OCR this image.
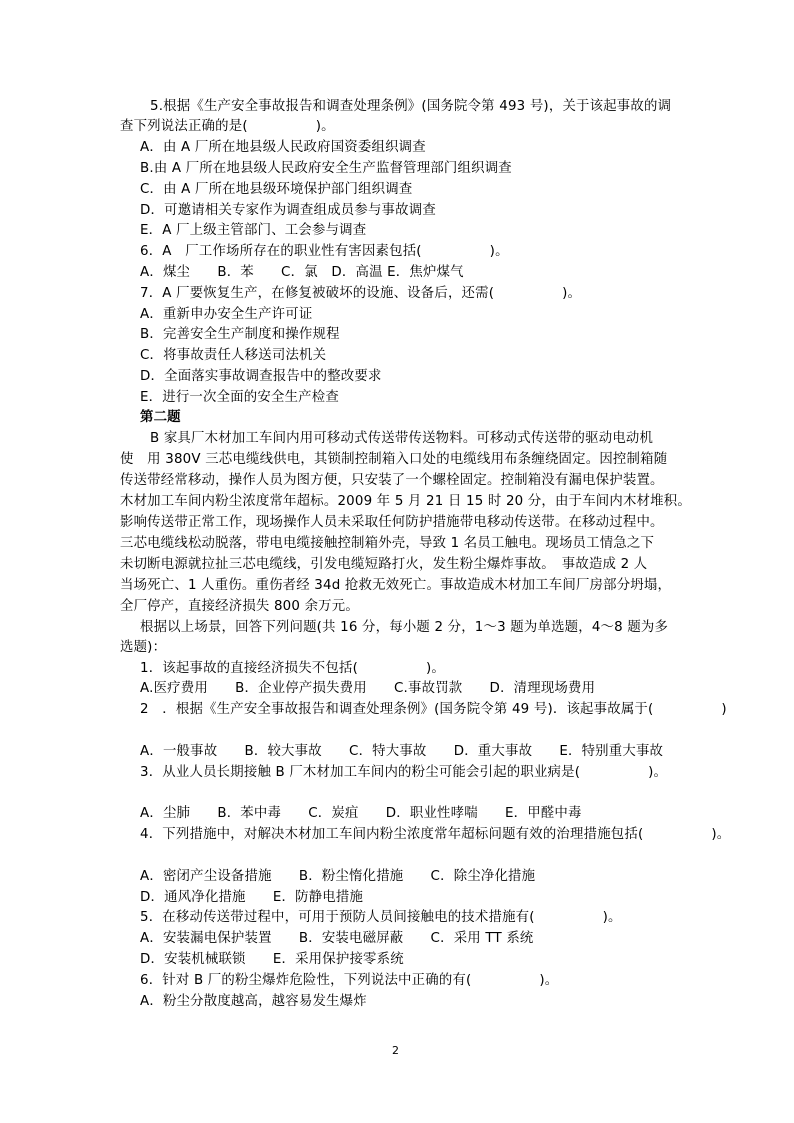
5.根据《生产安全事故报告和调查处理条例》(国务院令第 493 号)，关于该起事故的调
查下列说法正确的是(　　　　　)。
A．由 A 厂所在地县级人民政府国资委组织调查
B.由 A 厂所在地县级人民政府安全生产监督管理部门组织调查
C．由 A 厂所在地县级环境保护部门组织调查
D．可邀请相关专家作为调查组成员参与事故调查
E．A 厂上级主管部门、工会参与调查
6．A　厂工作场所存在的职业性有害因素包括(　　　　　)。
A．煤尘　　B．苯　　C．氯　D．高温 E．焦炉煤气
7．A 厂要恢复生产，在修复被破坏的设施、设备后，还需(　　　　　)。
A．重新申办安全生产许可证
B．完善安全生产制度和操作规程
C．将事故责任人移送司法机关
D．全面落实事故调查报告中的整改要求
E．进行一次全面的安全生产检查
第二题
B 家具厂木材加工车间内用可移动式传送带传送物料。可移动式传送带的驱动电动机
使　用 380V 三芯电缆线供电，其锁制控制箱入口处的电缆线用布条缠绕固定。因控制箱随
传送带经常移动，操作人员为图方便，只安装了一个螺栓固定。控制箱没有漏电保护装置。
木材加工车间内粉尘浓度常年超标。2009 年 5 月 21 日 15 时 20 分，由于车间内木材堆积。
影响传送带正常工作，现场操作人员未采取任何防护措施带电移动传送带。在移动过程中。
三芯电缆线松动脱落，带电电缆接触控制箱外壳，导致 1 名员工触电。现场员工情急之下
未切断电源就拉扯三芯电缆线，引发电缆短路打火，发生粉尘爆炸事故。　事故造成 2 人
当场死亡、1 人重伤。重伤者经 34d 抢救无效死亡。事故造成木材加工车间厂房部分坍塌，
全厂停产，直接经济损失 800 余万元。
根据以上场景，回答下列问题(共 16 分，每小题 2 分，1～3 题为单选题，4～8 题为多
选题)：
1．该起事故的直接经济损失不包括(　　　　　)。
A.医疗费用　　B．企业停产损失费用　　C.事故罚款　　D．清理现场费用
2　．根据《生产安全事故报告和调查处理条例》(国务院令第 49 号)．该起事故属于(　　　　　)
A．一般事故　　B．较大事故　　C．特大事故　　D．重大事故　　E．特别重大事故
3．从业人员长期接触 B 厂木材加工车间内的粉尘可能会引起的职业病是(　　　　　)。
A．尘肺　　B．苯中毒　　C．炭疽　　D．职业性哮喘　　E．甲醛中毒
4．下列措施中，对解决木材加工车间内粉尘浓度常年超标问题有效的治理措施包括(　　　　　)。
A．密闭产尘设备措施　　B．粉尘惰化措施　　C．除尘净化措施
D．通风净化措施　　E．防静电措施
5．在移动传送带过程中，可用于预防人员间接触电的技术措施有(　　　　　)。
A．安装漏电保护装置　　B．安装电磁屏蔽　　C．采用 TT 系统
D．安装机械联锁　　E．采用保护接零系统
6．针对 B 厂的粉尘爆炸危险性，下列说法中正确的有(　　　　　)。
A．粉尘分散度越高，越容易发生爆炸
2
